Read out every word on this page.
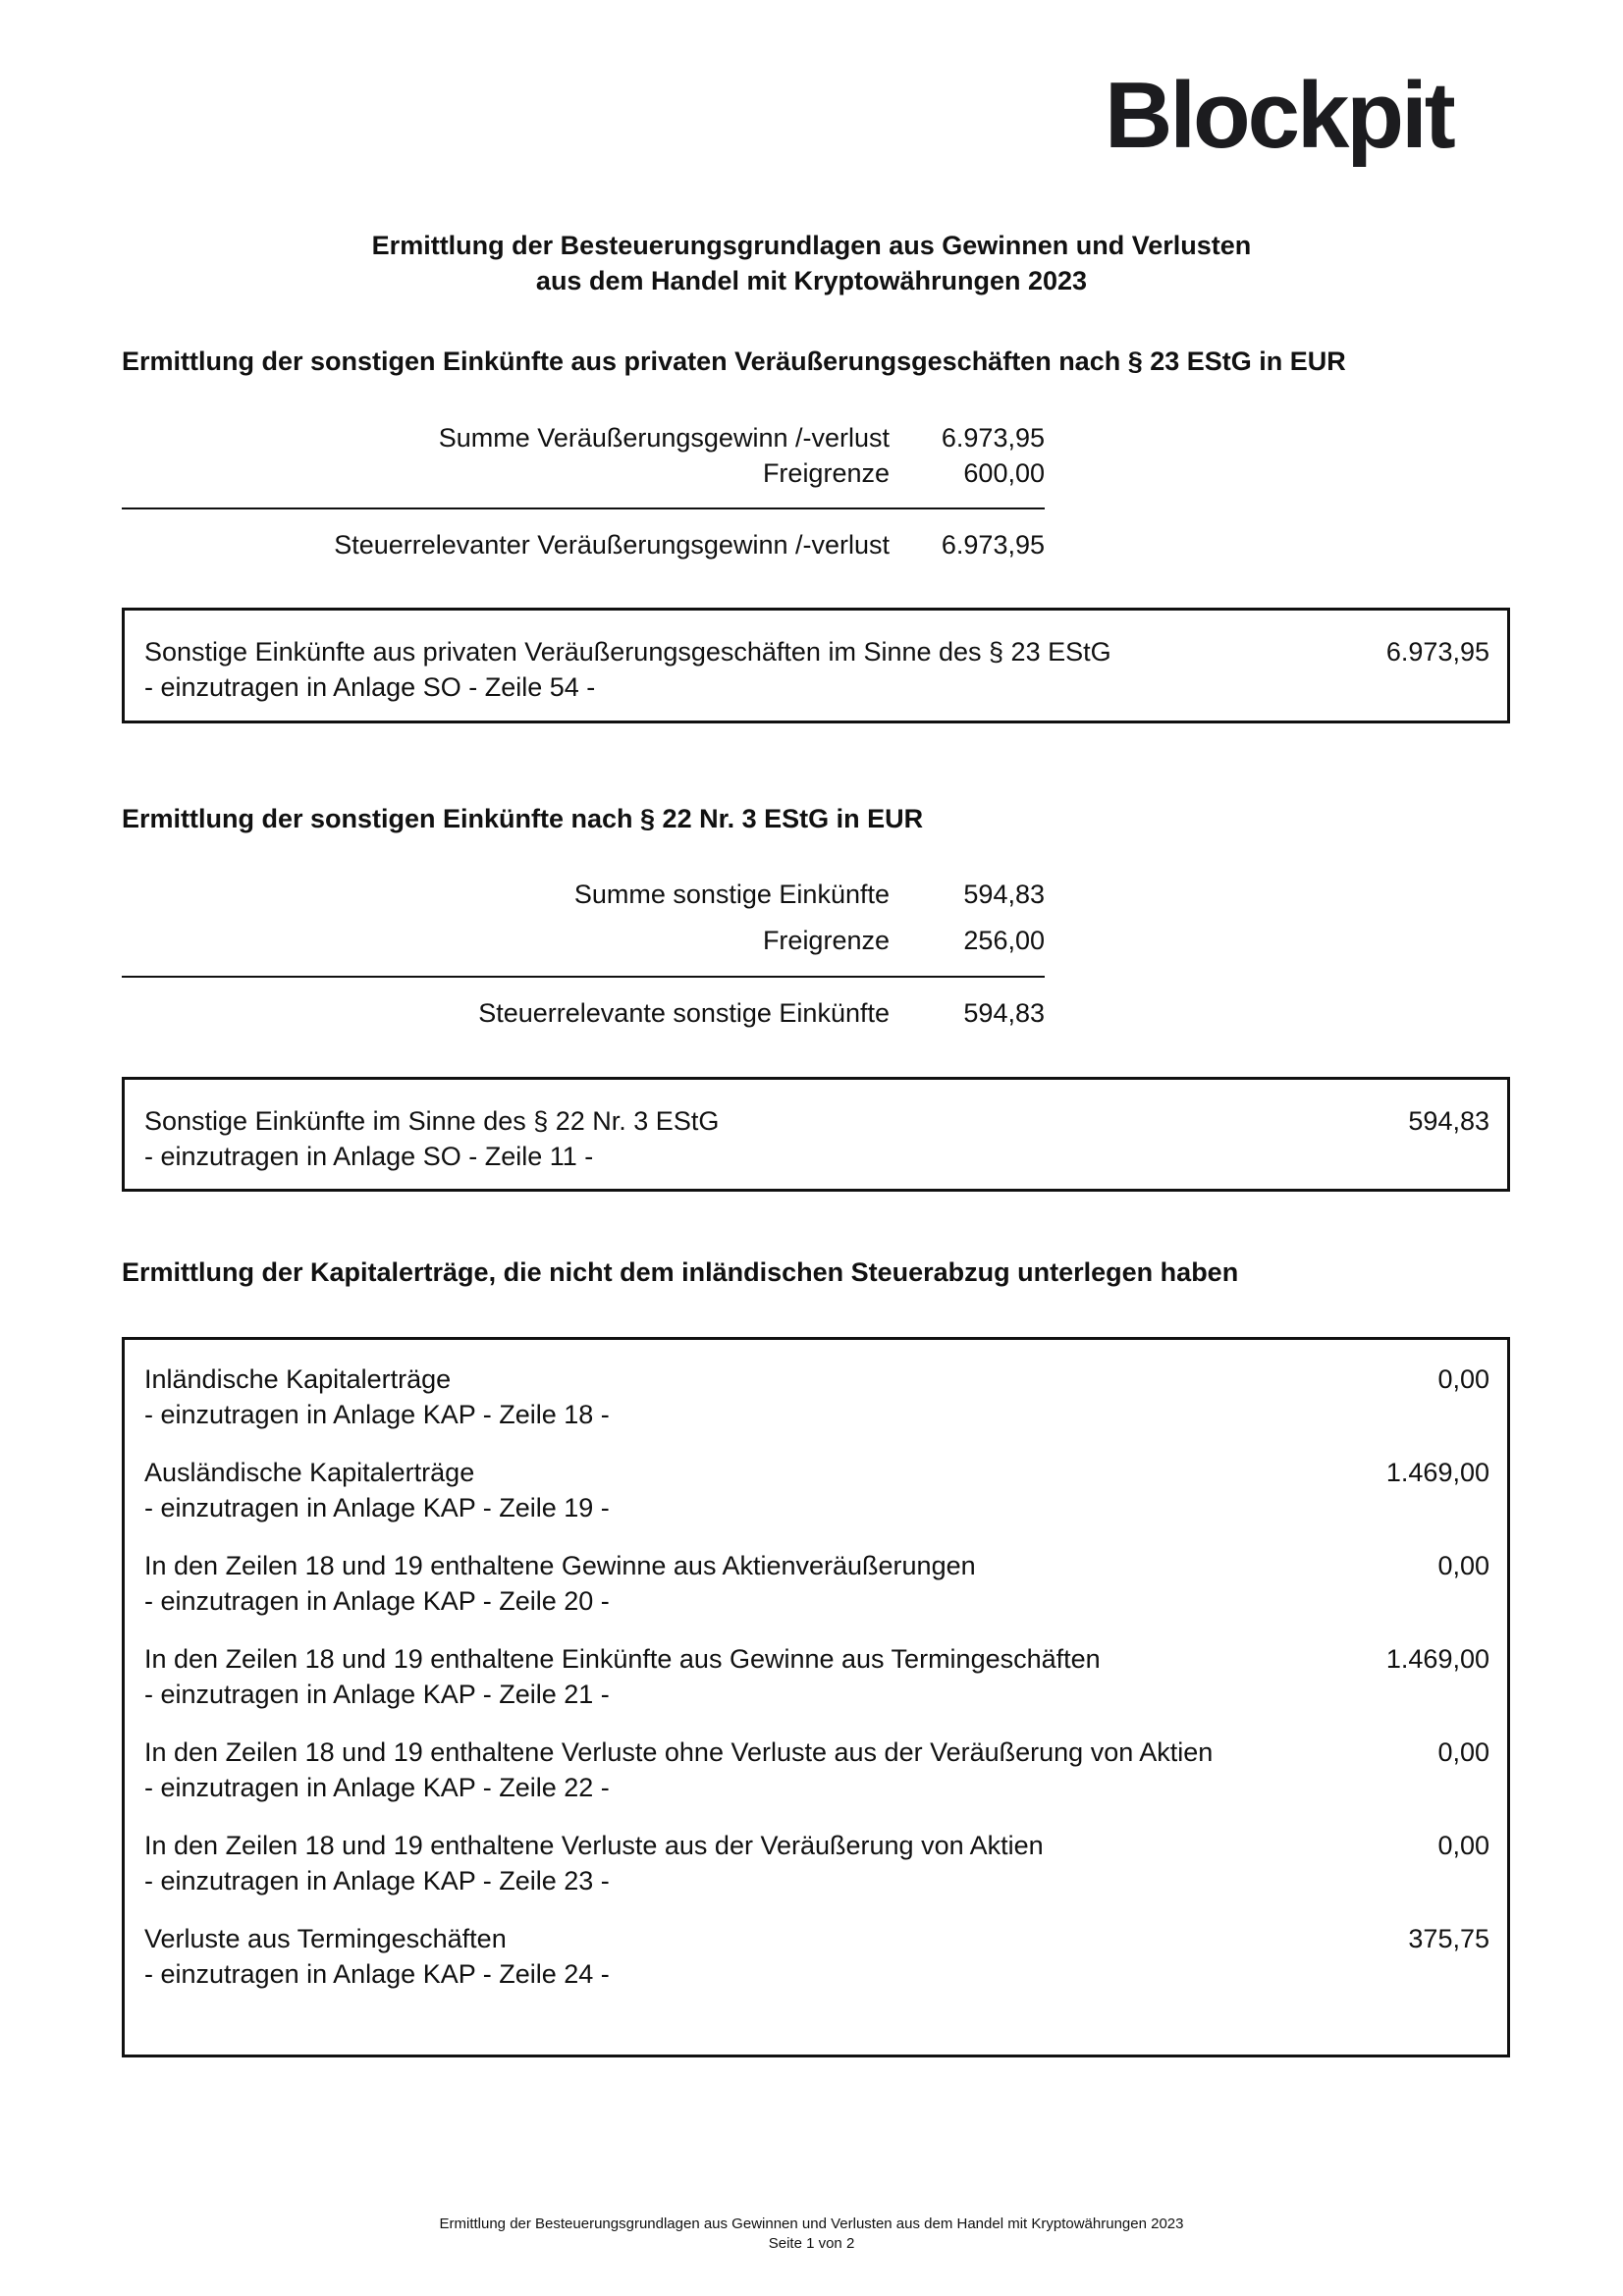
Blockpit
Ermittlung der Besteuerungsgrundlagen aus Gewinnen und Verlusten
aus dem Handel mit Kryptowährungen 2023
Ermittlung der sonstigen Einkünfte aus privaten Veräußerungsgeschäften nach § 23 EStG in EUR
Summe Veräußerungsgewinn /-verlust 6.973,95
Freigrenze	600,00
Steuerrelevanter Veräußerungsgewinn /-verlust 6.973,95
Sonstige Einkünfte aus privaten Veräußerungsgeschäften im Sinne des § 23 EStG
- einzutragen in Anlage SO - Zeile 54 -
6.973,95
Ermittlung der sonstigen Einkünfte nach § 22 Nr. 3 EStG in EUR
Summe sonstige Einkünfte	594,83
Freigrenze	256,00
Steuerrelevante sonstige Einkünfte	594,83
Sonstige Einkünfte im Sinne des § 22 Nr. 3 EStG
- einzutragen in Anlage SO - Zeile 11 -
594,83
Ermittlung der Kapitalerträge, die nicht dem inländischen Steuerabzug unterlegen haben
Inländische Kapitalerträge
- einzutragen in Anlage KAP - Zeile 18 -
0,00
Ausländische Kapitalerträge
- einzutragen in Anlage KAP - Zeile 19 -
1.469,00
In den Zeilen 18 und 19 enthaltene Gewinne aus Aktienveräußerungen
- einzutragen in Anlage KAP - Zeile 20 -
0,00
In den Zeilen 18 und 19 enthaltene Einkünfte aus Gewinne aus Termingeschäften
- einzutragen in Anlage KAP - Zeile 21 -
1.469,00
In den Zeilen 18 und 19 enthaltene Verluste ohne Verluste aus der Veräußerung von Aktien
- einzutragen in Anlage KAP - Zeile 22 -
0,00
In den Zeilen 18 und 19 enthaltene Verluste aus der Veräußerung von Aktien
- einzutragen in Anlage KAP - Zeile 23 -
0,00
Verluste aus Termingeschäften
- einzutragen in Anlage KAP - Zeile 24 -
375,75
Ermittlung der Besteuerungsgrundlagen aus Gewinnen und Verlusten aus dem Handel mit Kryptowährungen 2023
Seite 1 von 2
